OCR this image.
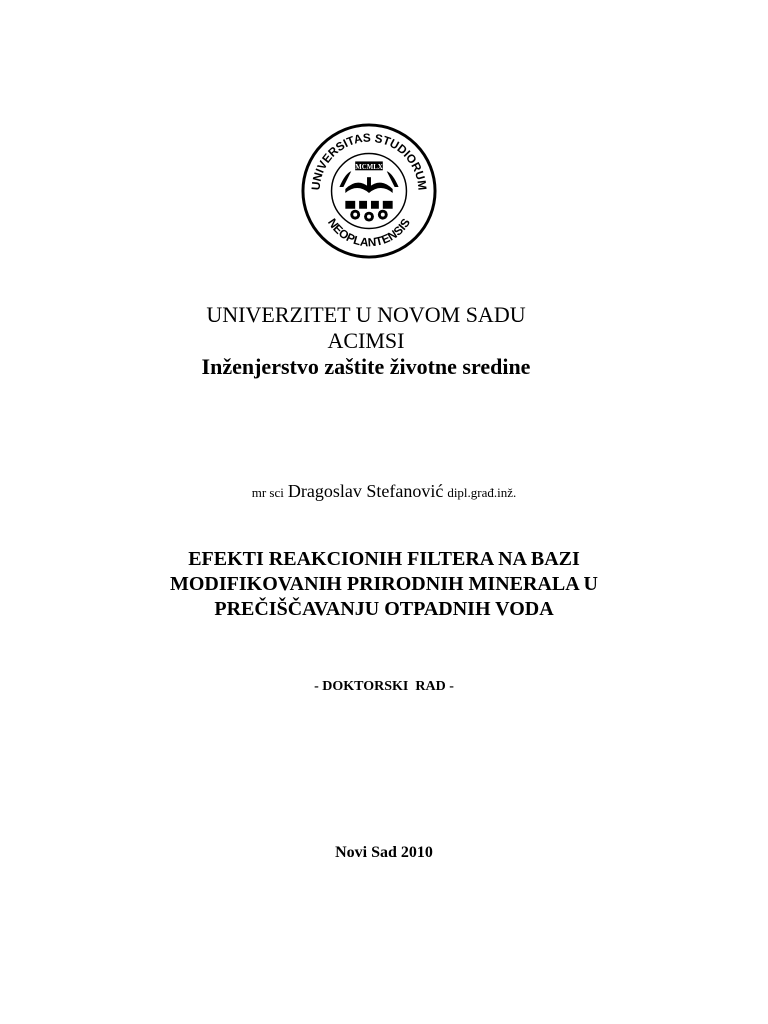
UNIVERSITAS STUDIORUM
NEOPLANTENSIS
MCMLX
UNIVERZITET U NOVOM SADU
ACIMSI
Inženjerstvo zaštite životne sredine
mr sci Dragoslav Stefanović dipl.građ.inž.
EFEKTI REAKCIONIH FILTERA NA BAZI
MODIFIKOVANIH PRIRODNIH MINERALA U
PREČIŠČAVANJU OTPADNIH VODA
- DOKTORSKI  RAD -
Novi Sad 2010
